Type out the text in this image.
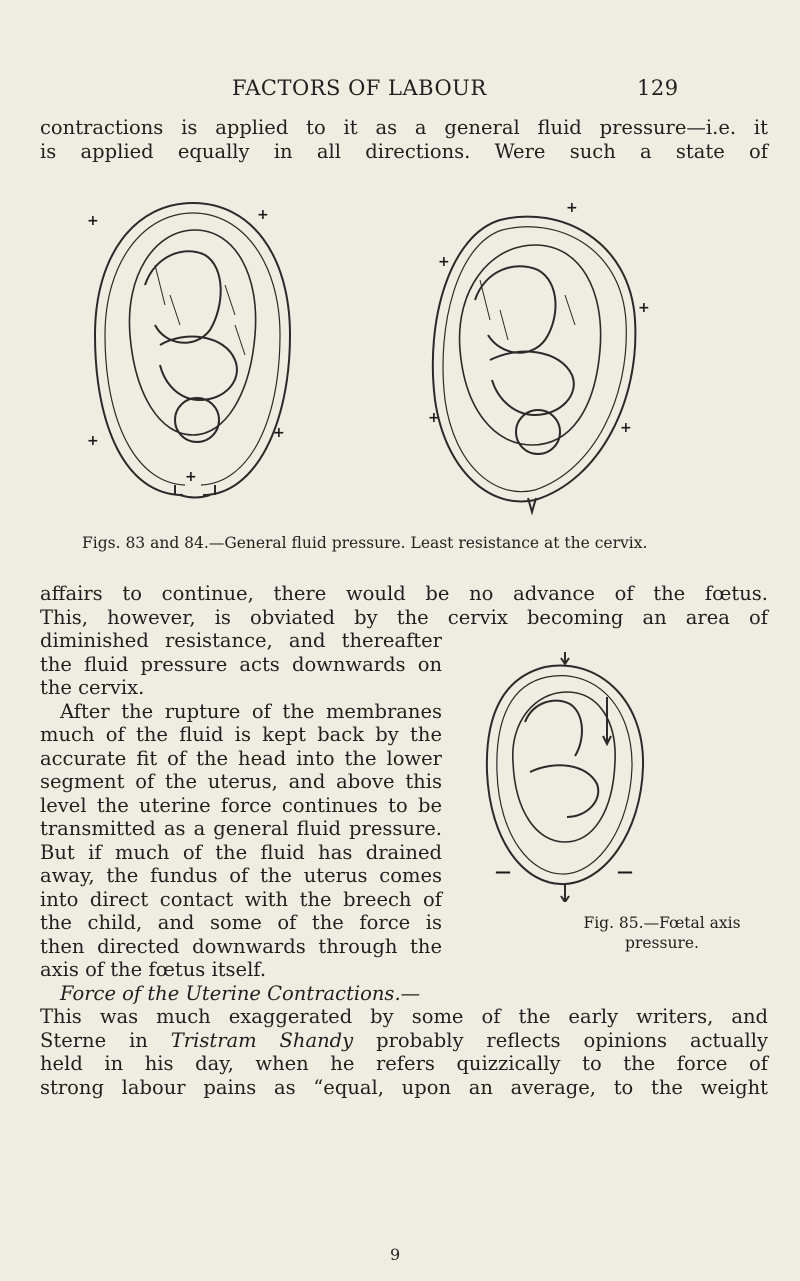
FACTORS OF LABOUR	129
contractions is applied to it as a general fluid pressure—i.e. it
is applied equally in all directions. Were such a state of
+	+
+	+
+
+
+
+
+
+
Figs. 83 and 84.—General fluid pressure. Least resistance at the cervix.
affairs to continue, there would be no advance of the fœtus.
This, however, is obviated by the cervix becoming an area of
diminished resistance, and thereafter
the fluid pressure acts downwards on
the cervix.
After the rupture of the membranes
much of the fluid is kept back by the
accurate fit of the head into the lower
segment of the uterus, and above this
level the uterine force continues to be
transmitted as a general fluid pressure.
But if much of the fluid has drained
away, the fundus of the uterus comes
into direct contact with the breech of
the child, and some of the force is
then directed downwards through the
axis of the fœtus itself.
Force of the Uterine Contractions.—
This was much exaggerated by some of the early writers, and
Sterne in Tristram Shandy probably reflects opinions actually
held in his day, when he refers quizzically to the force of
strong labour pains as “equal, upon an average, to the weight
—	—
Fig. 85.—Fœtal axis
pressure.
9
